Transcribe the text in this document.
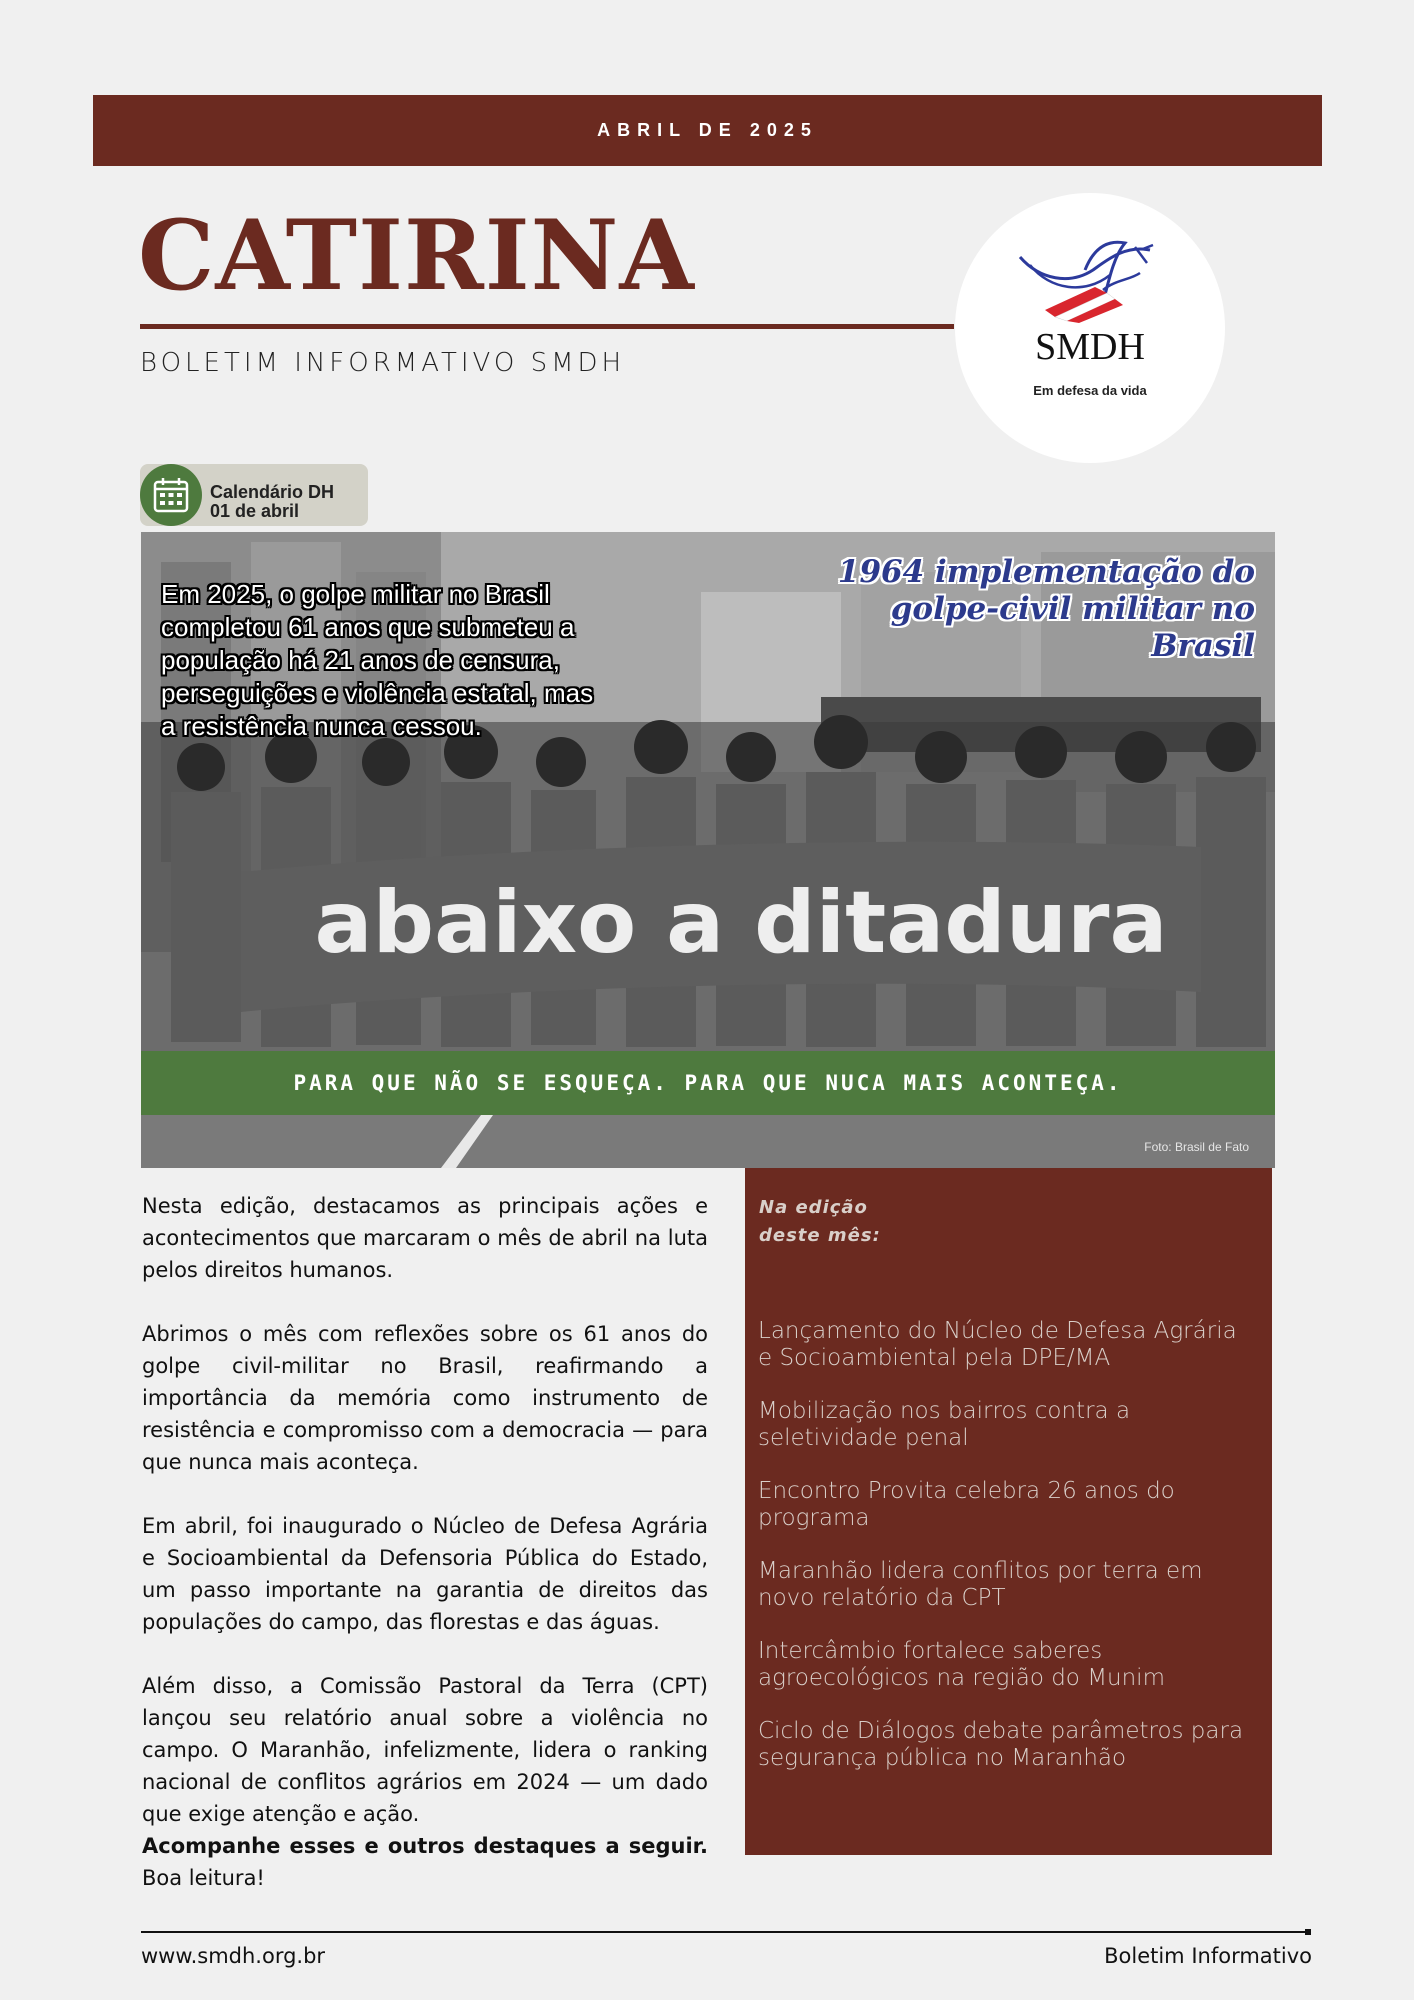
ABRIL DE 2025
CATIRINA
BOLETIM INFORMATIVO SMDH	SMDH
Em defesa da vida
Calendário DH
01 de abril
abaixo a ditadura
Em 2025, o golpe militar no Brasil completou 61 anos que submeteu a população há 21 anos de censura, perseguições e violência estatal, mas a resistência nunca cessou.
1964 implementação do golpe-civil militar no Brasil
PARA QUE NÃO SE ESQUEÇA. PARA QUE NUCA MAIS ACONTEÇA.
Foto: Brasil de Fato

Nesta edição, destacamos as principais ações e acontecimentos que marcaram o mês de abril na luta pelos direitos humanos.

Abrimos o mês com reflexões sobre os 61 anos do golpe civil-militar no Brasil, reafirmando a importância da memória como instrumento de resistência e compromisso com a democracia — para que nunca mais aconteça.

Em abril, foi inaugurado o Núcleo de Defesa Agrária e Socioambiental da Defensoria Pública do Estado, um passo importante na garantia de direitos das populações do campo, das florestas e das águas.

Além disso, a Comissão Pastoral da Terra (CPT) lançou seu relatório anual sobre a violência no campo. O Maranhão, infelizmente, lidera o ranking nacional de conflitos agrários em 2024 — um dado que exige atenção e ação.

Acompanhe esses e outros destaques a seguir. Boa leitura!

Na edição
deste mês:
Lançamento do Núcleo de Defesa Agrária e Socioambiental pela DPE/MA
Mobilização nos bairros contra a seletividade penal
Encontro Provita celebra 26 anos do programa
Maranhão lidera conflitos por terra em novo relatório da CPT
Intercâmbio fortalece saberes agroecológicos na região do Munim
Ciclo de Diálogos debate parâmetros para segurança pública no Maranhão
www.smdh.org.br	Boletim Informativo
